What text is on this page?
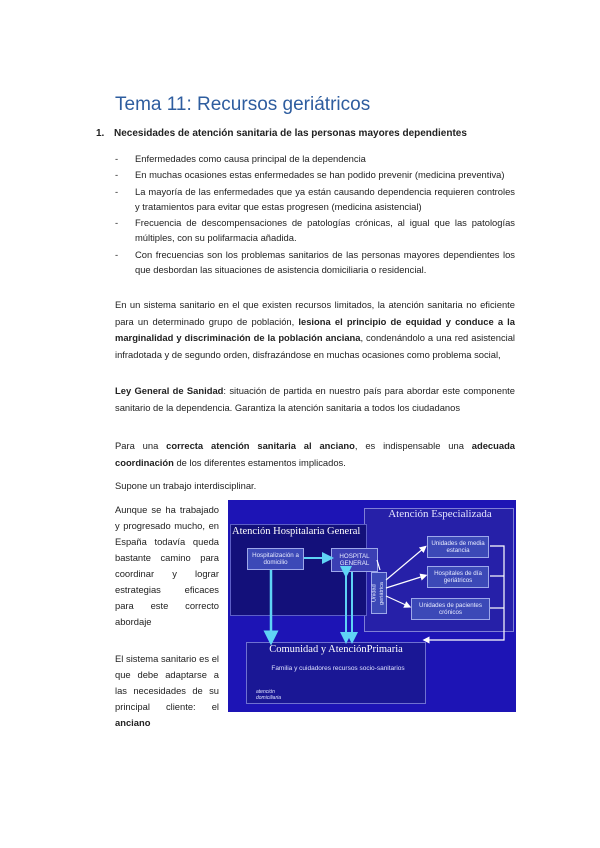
Tema 11: Recursos geriátricos
1. Necesidades de atención sanitaria de las personas mayores dependientes
- Enfermedades como causa principal de la dependencia
- En muchas ocasiones estas enfermedades se han podido prevenir (medicina preventiva)
- La mayoría de las enfermedades que ya están causando dependencia requieren controles y tratamientos para evitar que estas progresen (medicina asistencial)
- Frecuencia de descompensaciones de patologías crónicas, al igual que las patologías múltiples, con su polifarmacia añadida.
- Con frecuencias son los problemas sanitarios de las personas mayores dependientes los que desbordan las situaciones de asistencia domiciliaria o residencial.

En un sistema sanitario en el que existen recursos limitados, la atención sanitaria no eficiente para un determinado grupo de población, lesiona el principio de equidad y conduce a la marginalidad y discriminación de la población anciana, condenándolo a una red asistencial infradotada y de segundo orden, disfrazándose en muchas ocasiones como problema social,

Ley General de Sanidad: situación de partida en nuestro país para abordar este componente sanitario de la dependencia. Garantiza la atención sanitaria a todos los ciudadanos

Para una correcta atención sanitaria al anciano, es indispensable una adecuada coordinación de los diferentes estamentos implicados.

Supone un trabajo interdisciplinar.

Aunque se ha trabajado y progresado mucho, en España todavía queda bastante camino para coordinar y lograr estrategias eficaces para este correcto abordaje

El sistema sanitario es el que debe adaptarse a las necesidades de su principal cliente: el anciano

Atención Especializada
Atención Hospitalaria General
Hospitalización a domicilio
HOSPITAL GENERAL
Unidad geriátrica
Unidades de media estancia
Hospitales de día geriátricos
Unidades de pacientes crónicos
Comunidad y AtenciónPrimaria
Familia y cuidadores recursos socio-sanitarios
atención domiciliaria
